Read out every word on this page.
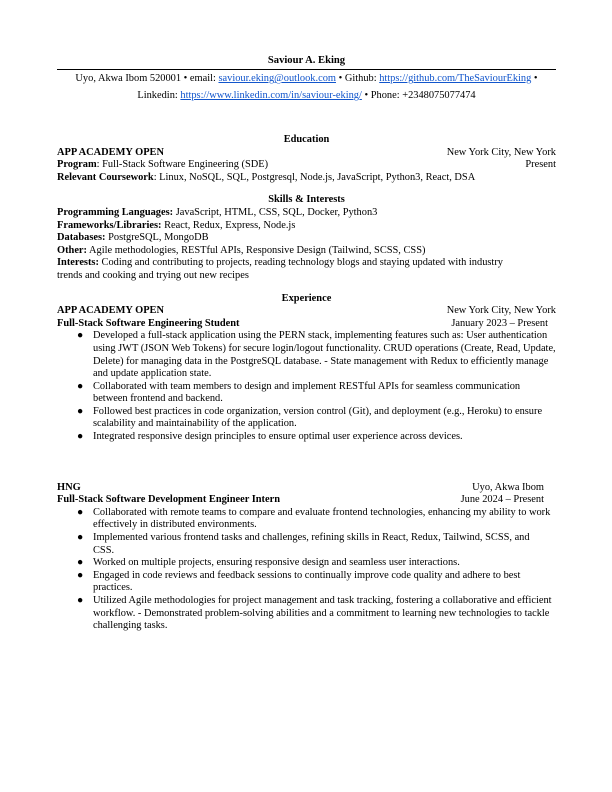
Saviour A. Eking
Uyo, Akwa Ibom 520001 • email: saviour.eking@outlook.com • Github: https://github.com/TheSaviourEking •
Linkedin: https://www.linkedin.com/in/saviour-eking/ • Phone: +2348075077474
Education
APP ACADEMY OPEN	New York City, New York
Program: Full-Stack Software Engineering (SDE)	Present
Relevant Coursework: Linux, NoSQL, SQL, Postgresql, Node.js, JavaScript, Python3, React, DSA
Skills & Interests
Programming Languages: JavaScript, HTML, CSS, SQL, Docker, Python3
Frameworks/Libraries: React, Redux, Express, Node.js
Databases: PostgreSQL, MongoDB
Other: Agile methodologies, RESTful APIs, Responsive Design (Tailwind, SCSS, CSS)
Interests: Coding and contributing to projects, reading technology blogs and staying updated with industry trends and cooking and trying out new recipes
Experience
APP ACADEMY OPEN	New York City, New York
Full-Stack Software Engineering Student	January 2023 – Present
● Developed a full-stack application using the PERN stack, implementing features such as: User authentication using JWT (JSON Web Tokens) for secure login/logout functionality. CRUD operations (Create, Read, Update, Delete) for managing data in the PostgreSQL database. - State management with Redux to efficiently manage and update application state.
● Collaborated with team members to design and implement RESTful APIs for seamless communication between frontend and backend.
● Followed best practices in code organization, version control (Git), and deployment (e.g., Heroku) to ensure scalability and maintainability of the application.
● Integrated responsive design principles to ensure optimal user experience across devices.
HNG	Uyo, Akwa Ibom
Full-Stack Software Development Engineer Intern	June 2024 – Present
● Collaborated with remote teams to compare and evaluate frontend technologies, enhancing my ability to work effectively in distributed environments.
● Implemented various frontend tasks and challenges, refining skills in React, Redux, Tailwind, SCSS, and CSS.
● Worked on multiple projects, ensuring responsive design and seamless user interactions.
● Engaged in code reviews and feedback sessions to continually improve code quality and adhere to best practices.
● Utilized Agile methodologies for project management and task tracking, fostering a collaborative and efficient workflow. - Demonstrated problem-solving abilities and a commitment to learning new technologies to tackle challenging tasks.
